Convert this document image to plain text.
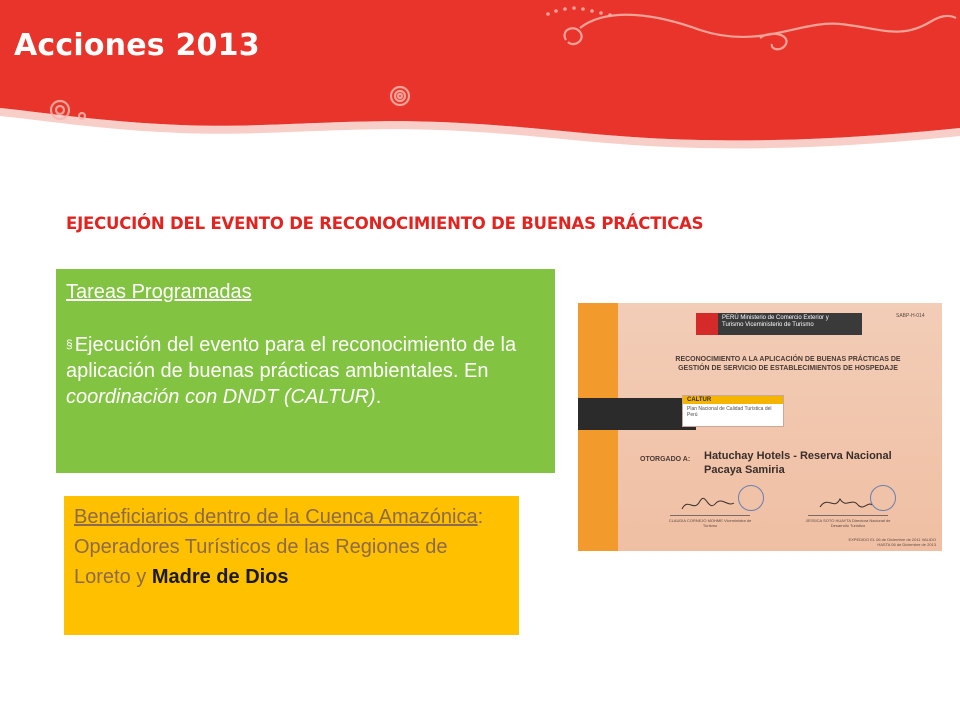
Acciones 2013
EJECUCIÓN DEL EVENTO DE RECONOCIMIENTO DE BUENAS PRÁCTICAS
Tareas Programadas
§ Ejecución del evento para el reconocimiento de la aplicación de buenas prácticas ambientales. En coordinación con DNDT (CALTUR).
Beneficiarios dentro de la Cuenca Amazónica: Operadores Turísticos de las Regiones de Loreto y Madre de Dios
PERÚ Ministerio de Comercio Exterior y Turismo Viceministerio de Turismo
SABP-H-014
RECONOCIMIENTO A LA APLICACIÓN DE BUENAS PRÁCTICAS DE GESTIÓN DE SERVICIO DE ESTABLECIMIENTOS DE HOSPEDAJE
CALTUR
Plan Nacional de Calidad Turística del Perú
OTORGADO A: Hatuchay Hotels - Reserva Nacional Pacaya Samiria
CLAUDIA CORNEJO MOHME Viceministra de Turismo
JESSICA SOTO HUAYTA Directora Nacional de Desarrollo Turístico
EXPEDIDO EL 06 de Diciembre de 2011 VALIDO HASTA 06 de Diciembre de 2013
